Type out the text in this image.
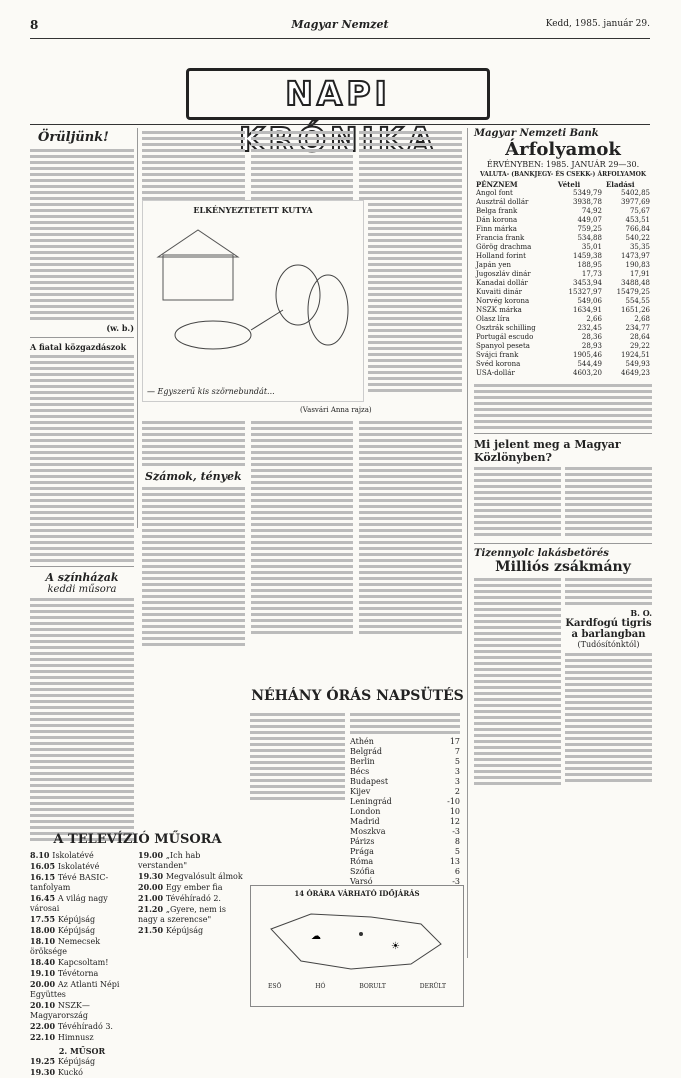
8	Magyar Nemzet	Kedd, 1985. január 29.
NAPI
Örüljünk!
(w. b.)
A fiatal közgazdászok
A színházak
keddi műsora
ELKÉNYEZTETETT KUTYA
— Egyszerű kis szörnebundát...
(Vasvári Anna rajza)
Számok, tények
NÉHÁNY ÓRÁS NAPSÜTÉS
Athén	17
Belgrád	7
Berlin	5
Bécs	3
Budapest	3
Kijev	2
Leningrád	-10
London	10
Madrid	12
Moszkva	-3
Párizs	8
Prága	5
Róma	13
Szófia	6
Varsó	-3
14 ÓRÁRA VÁRHATÓ IDŐJÁRÁS
☀
☁
ESŐ	HÓ	BORULT	DERÜLT
A TELEVÍZIÓ MŰSORA
8.10 Iskolatévé
16.05 Iskolatévé
16.15 Tévé BASIC-tanfolyam
16.45 A világ nagy városai
17.55 Képújság
18.00 Képújság
18.10 Nemecsek öröksége
18.40 Kapcsoltam!
19.10 Tévétorna
20.00 Az Atlanti Népi Együttes
20.10 NSZK—Magyarország
22.00 Tévéhíradó 3.
22.10 Himnusz
2. MŰSOR
19.25 Képújság
19.30 Kuckó
19.00 „Ich hab verstanden"
19.30 Megvalósult álmok
20.00 Egy ember fia
21.00 Tévéhíradó 2.
21.20 „Gyere, nem is nagy a szerencse"
21.50 Képújság
Magyar Nemzeti Bank
Árfolyamok
ÉRVÉNYBEN: 1985. JANUÁR 29—30.
VALUTA- (BANKJEGY- ÉS CSEKK-) ÁRFOLYAMOK
PÉNZNEM	Vételi	Eladási
Angol font	5349,79	5402,85
Ausztrál dollár	3938,78	3977,69
Belga frank	74,92	75,67
Dán korona	449,07	453,51
Finn márka	759,25	766,84
Francia frank	534,88	540,22
Görög drachma	35,01	35,35
Holland forint	1459,38	1473,97
Japán yen	188,95	190,83
Jugoszláv dinár	17,73	17,91
Kanadai dollár	3453,94	3488,48
Kuvaiti dinár	15327,97	15479,25
Norvég korona	549,06	554,55
NSZK márka	1634,91	1651,26
Olasz líra	2,66	2,68
Osztrák schilling	232,45	234,77
Portugál escudo	28,36	28,64
Spanyol peseta	28,93	29,22
Svájci frank	1905,46	1924,51
Svéd korona	544,49	549,93
USA-dollár	4603,20	4649,23
Mi jelent meg a Magyar Közlönyben?
Tizennyolc lakásbetörés
Milliós zsákmány
B. O.
Kardfogú tigris
a barlangban
(Tudósítónktól)
